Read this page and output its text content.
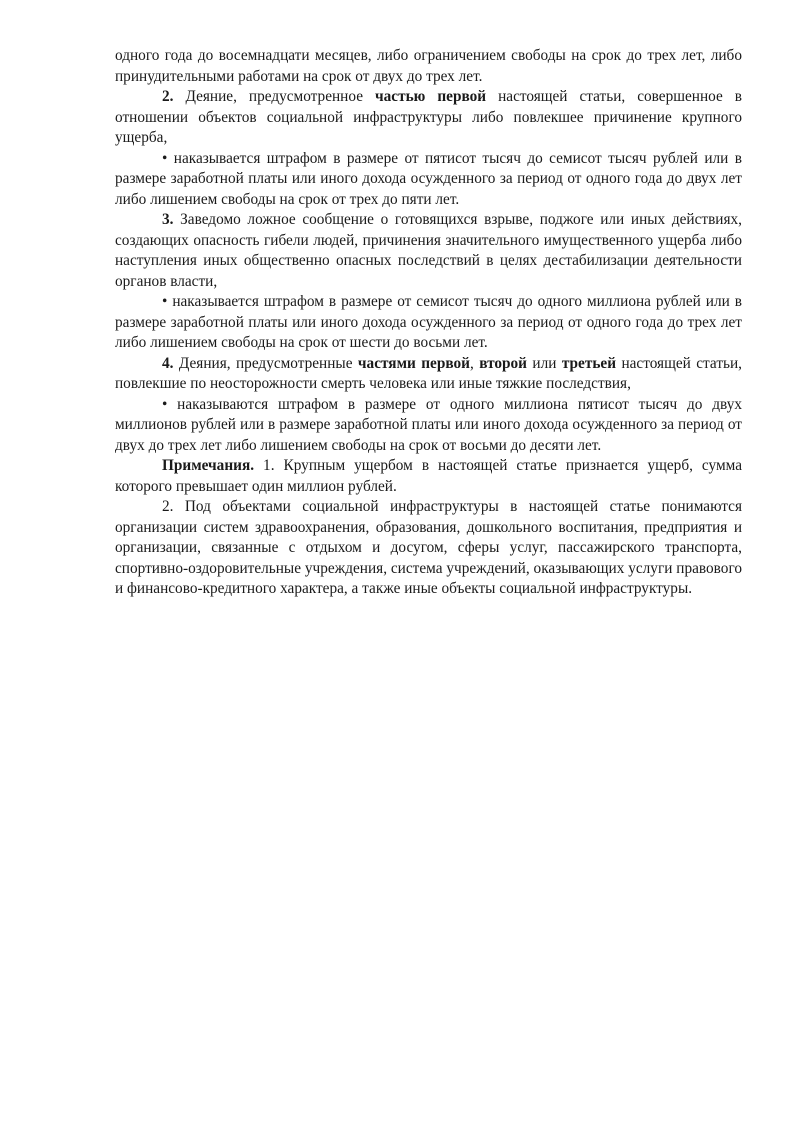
одного года до восемнадцати месяцев, либо ограничением свободы на срок до трех лет, либо принудительными работами на срок от двух до трех лет.

2. Деяние, предусмотренное частью первой настоящей статьи, совершенное в отношении объектов социальной инфраструктуры либо повлекшее причинение крупного ущерба,

• наказывается штрафом в размере от пятисот тысяч до семисот тысяч рублей или в размере заработной платы или иного дохода осужденного за период от одного года до двух лет либо лишением свободы на срок от трех до пяти лет.

3. Заведомо ложное сообщение о готовящихся взрыве, поджоге или иных действиях, создающих опасность гибели людей, причинения значительного имущественного ущерба либо наступления иных общественно опасных последствий в целях дестабилизации деятельности органов власти,

• наказывается штрафом в размере от семисот тысяч до одного миллиона рублей или в размере заработной платы или иного дохода осужденного за период от одного года до трех лет либо лишением свободы на срок от шести до восьми лет.

4. Деяния, предусмотренные частями первой, второй или третьей настоящей статьи, повлекшие по неосторожности смерть человека или иные тяжкие последствия,

• наказываются штрафом в размере от одного миллиона пятисот тысяч до двух миллионов рублей или в размере заработной платы или иного дохода осужденного за период от двух до трех лет либо лишением свободы на срок от восьми до десяти лет.

Примечания. 1. Крупным ущербом в настоящей статье признается ущерб, сумма которого превышает один миллион рублей.

2. Под объектами социальной инфраструктуры в настоящей статье понимаются организации систем здравоохранения, образования, дошкольного воспитания, предприятия и организации, связанные с отдыхом и досугом, сферы услуг, пассажирского транспорта, спортивно-оздоровительные учреждения, система учреждений, оказывающих услуги правового и финансово-кредитного характера, а также иные объекты социальной инфраструктуры.
